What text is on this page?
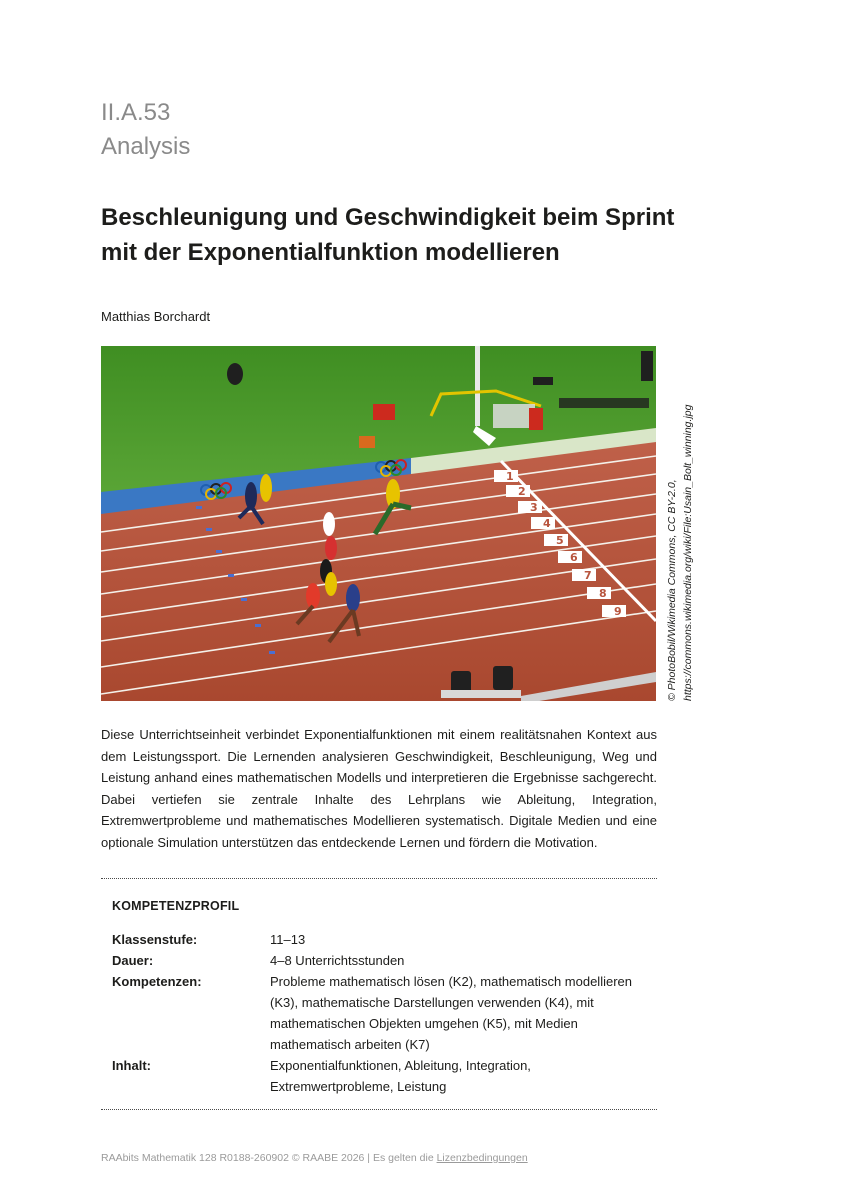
II.A.53
Analysis
Beschleunigung und Geschwindigkeit beim Sprint
mit der Exponentialfunktion modellieren
Matthias Borchardt
1
2
3
4
5
6
7
8
9	© PhotoBobil/Wikimedia Commons, CC BY-2.0, https://commons.wikimedia.org/wiki/File:Usain_Bolt_winning.jpg

Diese Unterrichtseinheit verbindet Exponentialfunktionen mit einem realitätsnahen Kontext aus dem Leistungssport. Die Lernenden analysieren Geschwindigkeit, Beschleunigung, Weg und Leistung anhand eines mathematischen Modells und interpretieren die Ergebnisse sachgerecht. Dabei vertiefen sie zentrale Inhalte des Lehrplans wie Ableitung, Integration, Extremwertprobleme und mathematisches Modellieren systematisch. Digitale Medien und eine optionale Simulation unterstützen das entdeckende Lernen und fördern die Motivation.

KOMPETENZPROFIL
Klassenstufe:	11–13
Dauer:	4–8 Unterrichtsstunden
Kompetenzen:	Probleme mathematisch lösen (K2), mathematisch modellieren (K3), mathematische Darstellungen verwenden (K4), mit mathematischen Objekten umgehen (K5), mit Medien mathematisch arbeiten (K7)
Inhalt:	Exponentialfunktionen, Ableitung, Integration, Extremwertprobleme, Leistung
RAAbits Mathematik 128 R0188-260902 © RAABE 2026 | Es gelten die Lizenzbedingungen
